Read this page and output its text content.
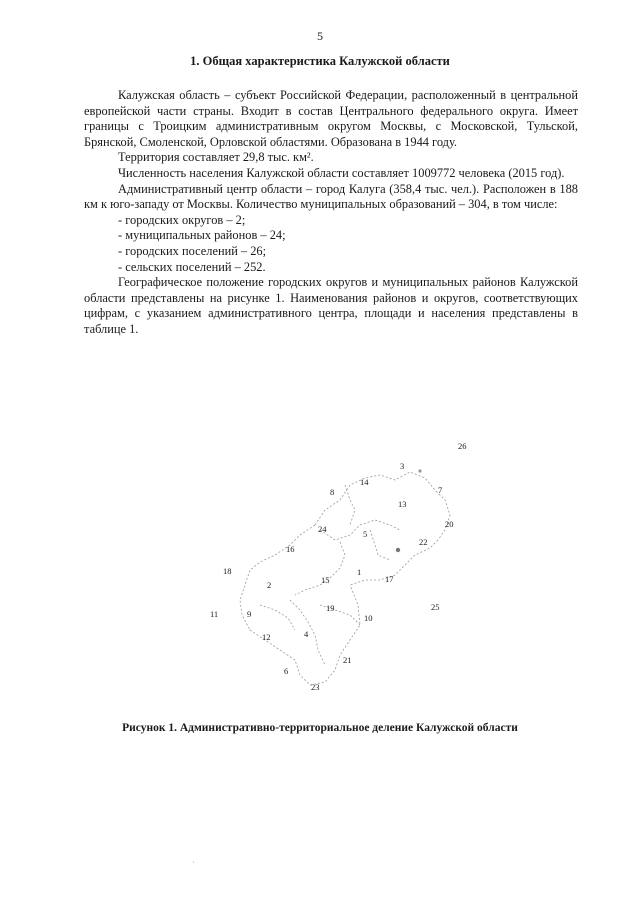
5
1. Общая характеристика Калужской области

Калужская область – субъект Российской Федерации, расположенный в центральной европейской части страны. Входит в состав Центрального федерального округа. Имеет границы с Троицким административным округом Москвы, с Московской, Тульской, Брянской, Смоленской, Орловской областями. Образована в 1944 году.

Территория составляет 29,8 тыс. км².

Численность населения Калужской области составляет 1009772 человека (2015 год).

Административный центр области – город Калуга (358,4 тыс. чел.). Расположен в 188 км к юго-западу от Москвы. Количество муниципальных образований – 304, в том числе:

- городских округов – 2;
- муниципальных районов – 24;
- городских поселений – 26;
- сельских поселений – 252.

Географическое положение городских округов и муниципальных районов Калужской области представлены на рисунке 1. Наименования районов и округов, соответствующих цифрам, с указанием административного центра, площади и населения представлены в таблице 1.

26
3
7
14
8
13
20
24	5
22
16
18	1
17
15
2
25
11	9
19
10
12	4
21
6
23

Рисунок 1. Административно-территориальное деление Калужской области

·
